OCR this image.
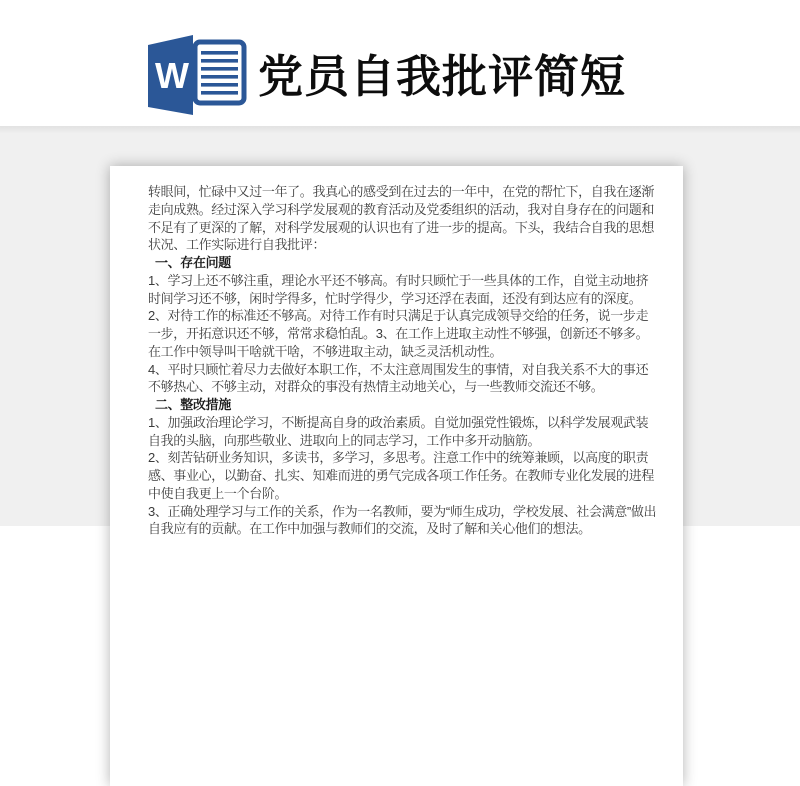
W 党员自我批评简短
转眼间，忙碌中又过一年了。我真心的感受到在过去的一年中，在党的帮忙下，自我在逐渐
走向成熟。经过深入学习科学发展观的教育活动及党委组织的活动，我对自身存在的问题和
不足有了更深的了解，对科学发展观的认识也有了进一步的提高。下头，我结合自我的思想
状况、工作实际进行自我批评：
一、存在问题
1、学习上还不够注重，理论水平还不够高。有时只顾忙于一些具体的工作，自觉主动地挤
时间学习还不够，闲时学得多，忙时学得少，学习还浮在表面，还没有到达应有的深度。
2、对待工作的标准还不够高。对待工作有时只满足于认真完成领导交给的任务，说一步走
一步，开拓意识还不够，常常求稳怕乱。3、在工作上进取主动性不够强，创新还不够多。
在工作中领导叫干啥就干啥，不够进取主动，缺乏灵活机动性。
4、平时只顾忙着尽力去做好本职工作，不太注意周围发生的事情，对自我关系不大的事还
不够热心、不够主动，对群众的事没有热情主动地关心，与一些教师交流还不够。
二、整改措施
1、加强政治理论学习，不断提高自身的政治素质。自觉加强党性锻炼，以科学发展观武装
自我的头脑，向那些敬业、进取向上的同志学习，工作中多开动脑筋。
2、刻苦钻研业务知识，多读书，多学习，多思考。注意工作中的统筹兼顾，以高度的职责
感、事业心，以勤奋、扎实、知难而进的勇气完成各项工作任务。在教师专业化发展的进程
中使自我更上一个台阶。
3、正确处理学习与工作的关系，作为一名教师，要为“师生成功，学校发展、社会满意”做出
自我应有的贡献。在工作中加强与教师们的交流，及时了解和关心他们的想法。
